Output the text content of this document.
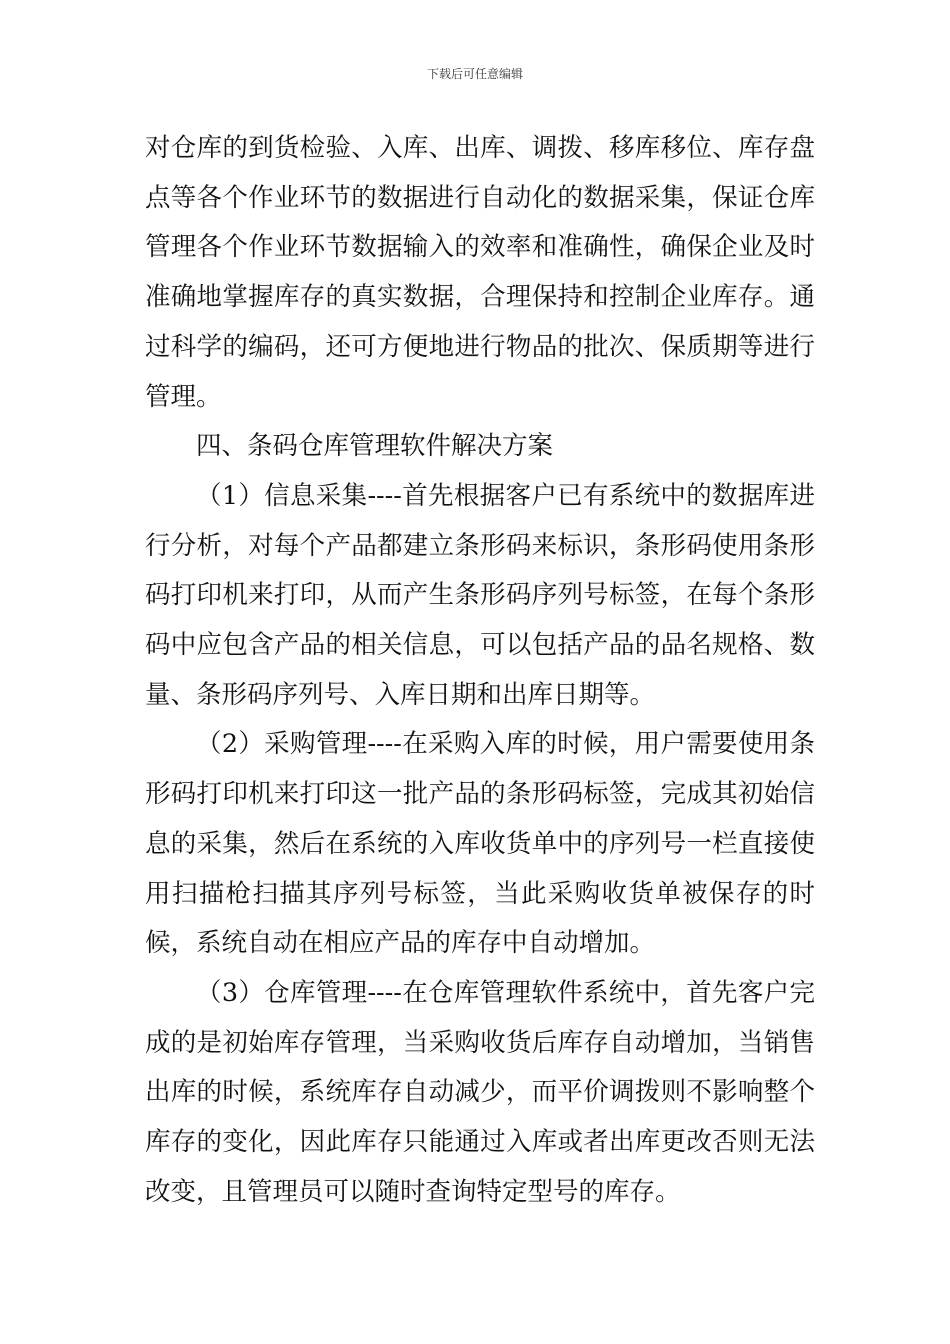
下载后可任意编辑

对仓库的到货检验、入库、出库、调拨、移库移位、库存盘点等各个作业环节的数据进行自动化的数据采集，保证仓库管理各个作业环节数据输入的效率和准确性，确保企业及时准确地掌握库存的真实数据，合理保持和控制企业库存。通过科学的编码，还可方便地进行物品的批次、保质期等进行管理。

四、条码仓库管理软件解决方案

（1）信息采集----首先根据客户已有系统中的数据库进行分析，对每个产品都建立条形码来标识，条形码使用条形码打印机来打印，从而产生条形码序列号标签，在每个条形码中应包含产品的相关信息，可以包括产品的品名规格、数量、条形码序列号、入库日期和出库日期等。

（2）采购管理----在采购入库的时候，用户需要使用条形码打印机来打印这一批产品的条形码标签，完成其初始信息的采集，然后在系统的入库收货单中的序列号一栏直接使用扫描枪扫描其序列号标签，当此采购收货单被保存的时候，系统自动在相应产品的库存中自动增加。

（3）仓库管理----在仓库管理软件系统中，首先客户完成的是初始库存管理，当采购收货后库存自动增加，当销售出库的时候，系统库存自动减少，而平价调拨则不影响整个库存的变化，因此库存只能通过入库或者出库更改否则无法改变，且管理员可以随时查询特定型号的库存。
